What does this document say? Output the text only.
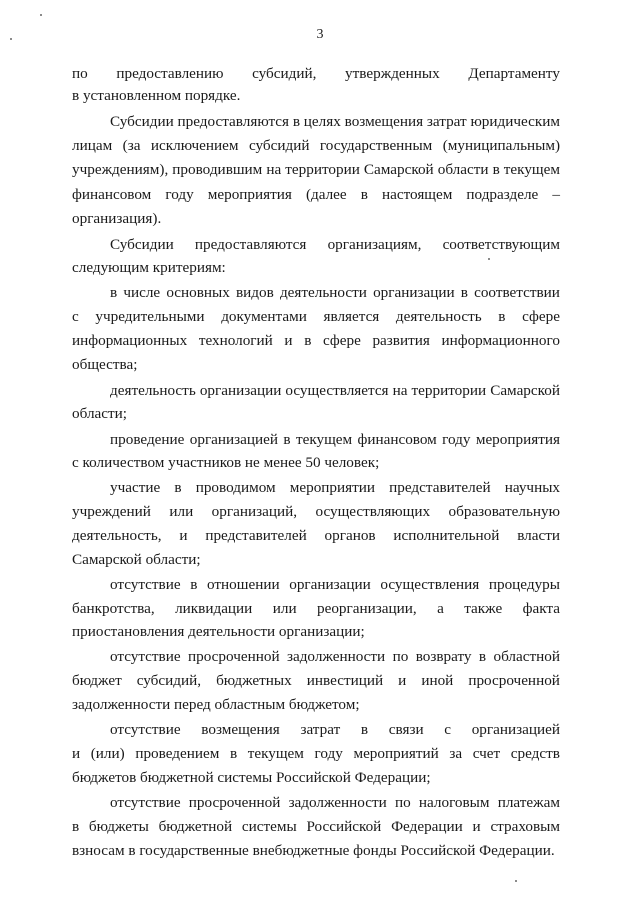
3
по предоставлению субсидий, утвержденных Департаменту
в установленном порядке.
Субсидии предоставляются в целях возмещения затрат юридическим
лицам (за исключением субсидий государственным (муниципальным)
учреждениям), проводившим на территории Самарской области в текущем
финансовом году мероприятия (далее в настоящем подразделе –
организация).
Субсидии предоставляются организациям, соответствующим
следующим критериям:
в числе основных видов деятельности организации в соответствии
с учредительными документами является деятельность в сфере
информационных технологий и в сфере развития информационного
общества;
деятельность организации осуществляется на территории Самарской
области;
проведение организацией в текущем финансовом году мероприятия
с количеством участников не менее 50 человек;
участие в проводимом мероприятии представителей научных
учреждений или организаций, осуществляющих образовательную
деятельность, и представителей органов исполнительной власти
Самарской области;
отсутствие в отношении организации осуществления процедуры
банкротства, ликвидации или реорганизации, а также факта
приостановления деятельности организации;
отсутствие просроченной задолженности по возврату в областной
бюджет субсидий, бюджетных инвестиций и иной просроченной
задолженности перед областным бюджетом;
отсутствие возмещения затрат в связи с организацией
и (или) проведением в текущем году мероприятий за счет средств
бюджетов бюджетной системы Российской Федерации;
отсутствие просроченной задолженности по налоговым платежам
в бюджеты бюджетной системы Российской Федерации и страховым
взносам в государственные внебюджетные фонды Российской Федерации.
